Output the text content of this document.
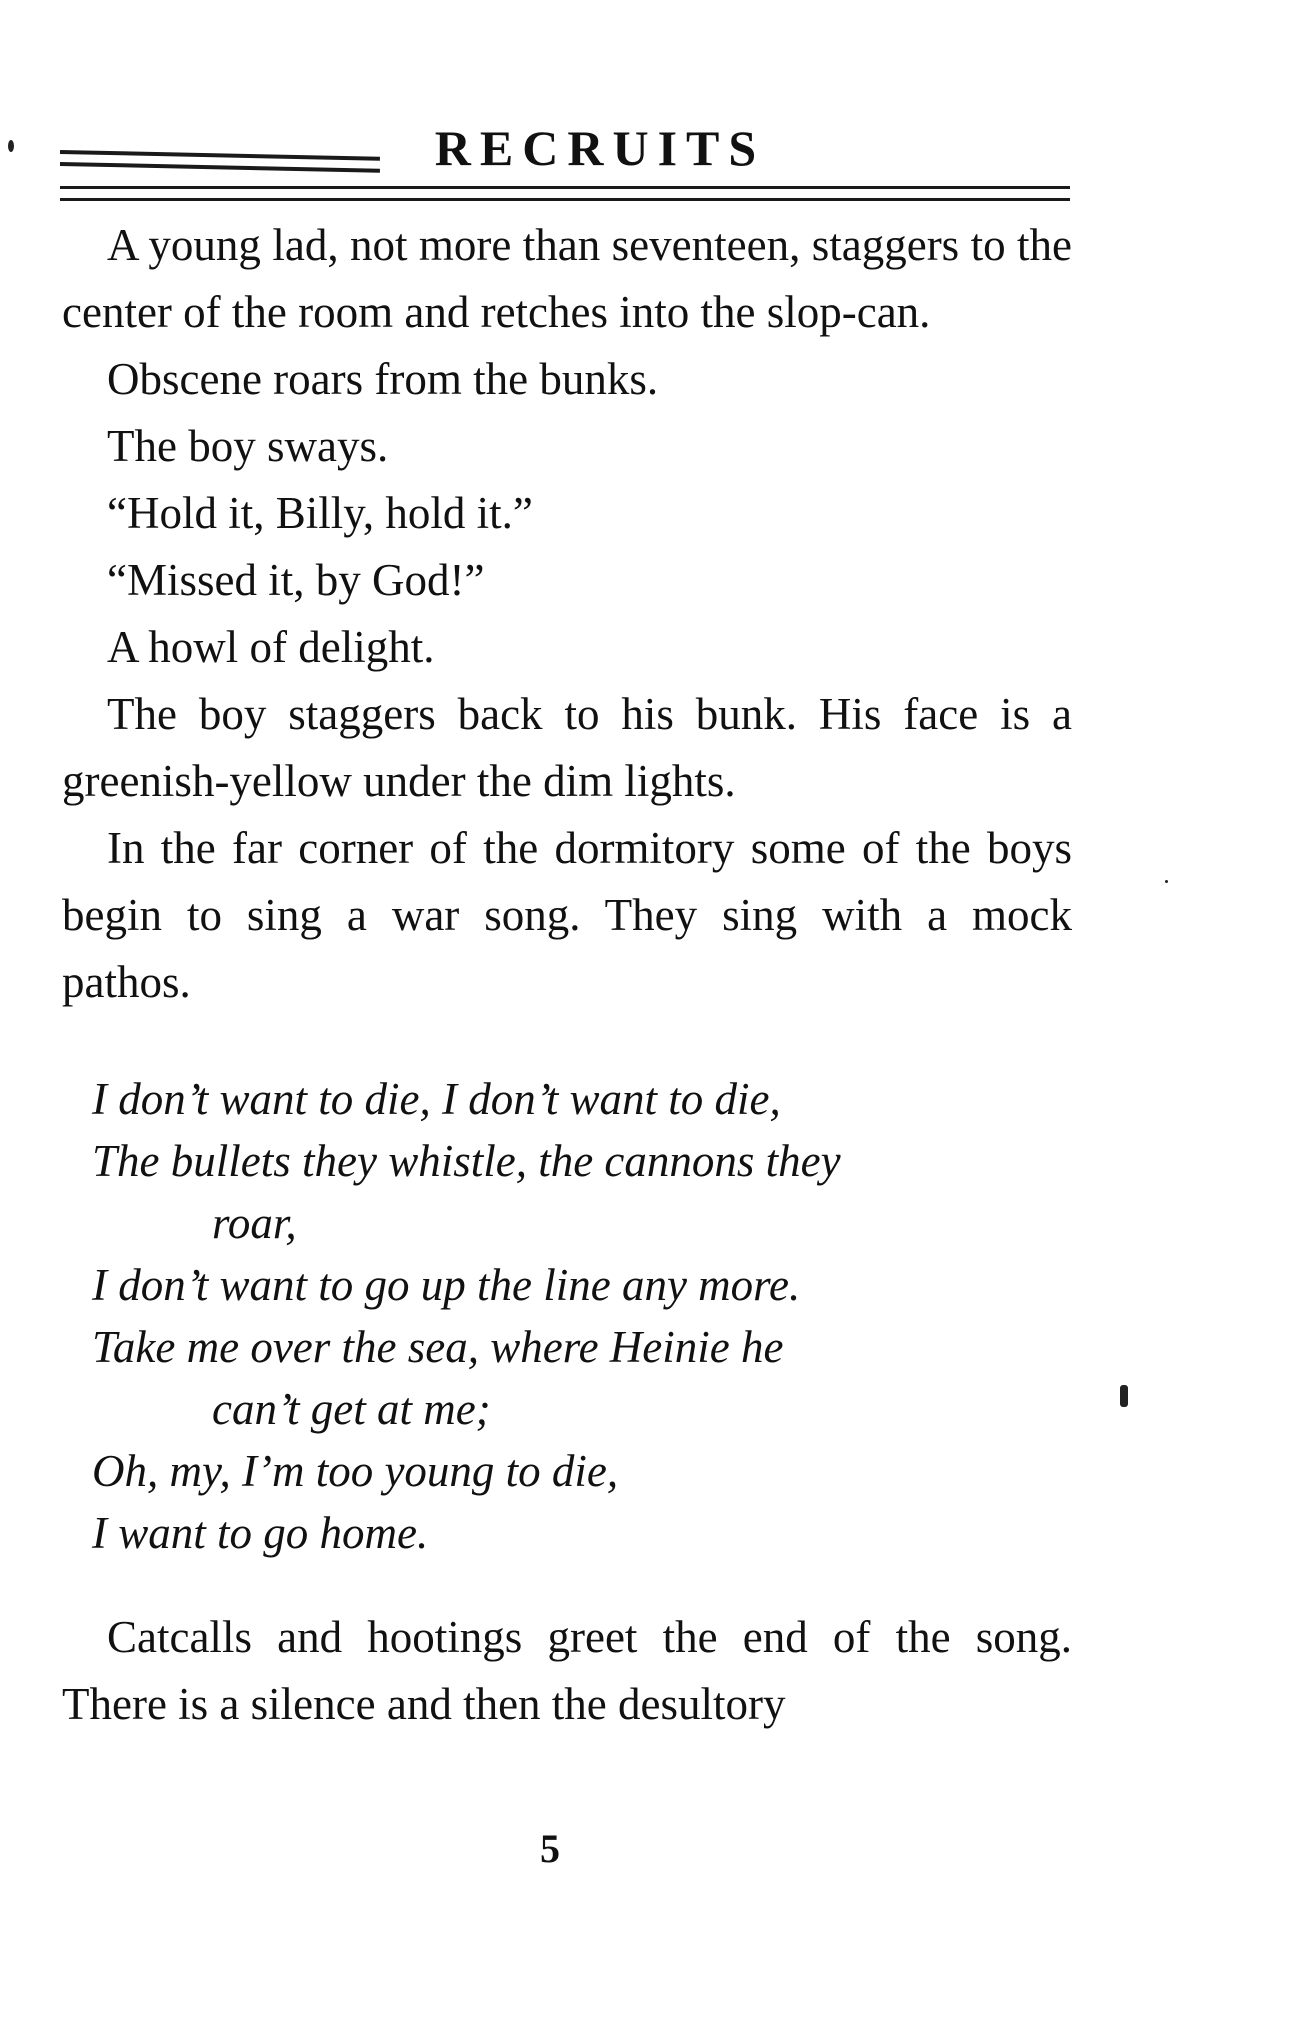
RECRUITS

A young lad, not more than seventeen, staggers to the center of the room and retches into the slop-can.

Obscene roars from the bunks.

The boy sways.

“Hold it, Billy, hold it.”

“Missed it, by God!”

A howl of delight.

The boy staggers back to his bunk. His face is a greenish-yellow under the dim lights.

In the far corner of the dormitory some of the boys begin to sing a war song. They sing with a mock pathos.

I don’t want to die, I don’t want to die,
The bullets they whistle, the cannons they
roar,
I don’t want to go up the line any more.
Take me over the sea, where Heinie he
can’t get at me;
Oh, my, I’m too young to die,
I want to go home.

Catcalls and hootings greet the end of the song. There is a silence and then the desultory

5
